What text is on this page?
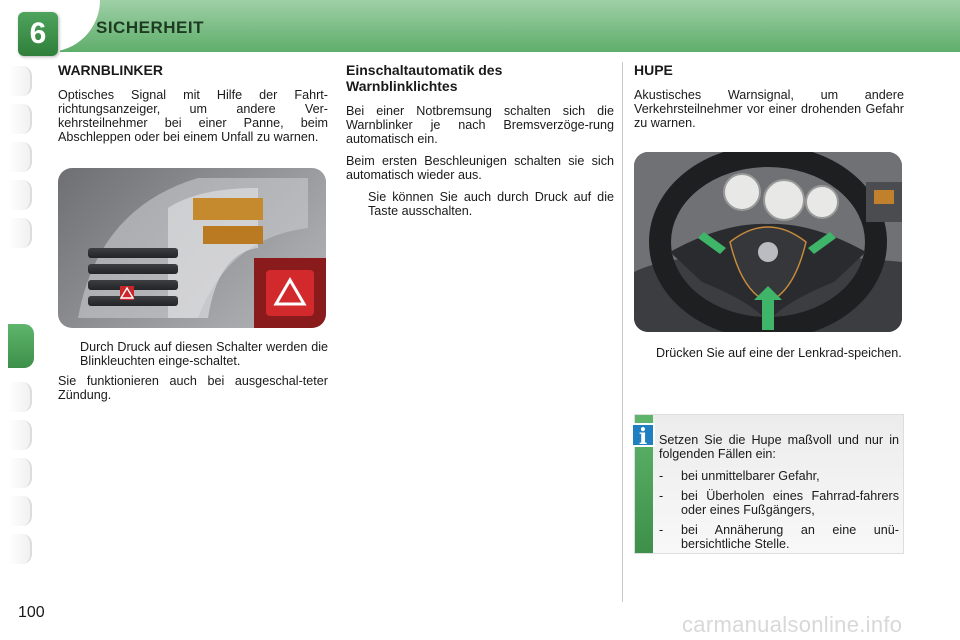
6	SICHERHEIT
WARNBLINKER

Optisches Signal mit Hilfe der Fahrt-richtungsanzeiger, um andere Ver-kehrsteilnehmer bei einer Panne, beim Abschleppen oder bei einem Unfall zu warnen.

Durch Druck auf diesen Schalter werden die Blinkleuchten einge-schaltet.

Sie funktionieren auch bei ausgeschal-teter Zündung.

Einschaltautomatik des Warnblinklichtes

Bei einer Notbremsung schalten sich die Warnblinker je nach Bremsverzöge-rung automatisch ein.

Beim ersten Beschleunigen schalten sie sich automatisch wieder aus.

Sie können Sie auch durch Druck auf die Taste ausschalten.
HUPE

Akustisches Warnsignal, um andere Verkehrsteilnehmer vor einer drohenden Gefahr zu warnen.

Drücken Sie auf eine der Lenkrad-speichen.
i Setzen Sie die Hupe maßvoll und nur in folgenden Fällen ein:

-	bei unmittelbarer Gefahr,
-	bei Überholen eines Fahrrad-fahrers oder eines Fußgängers,
-	bei Annäherung an eine unü-bersichtliche Stelle.
100	carmanualsonline.info
